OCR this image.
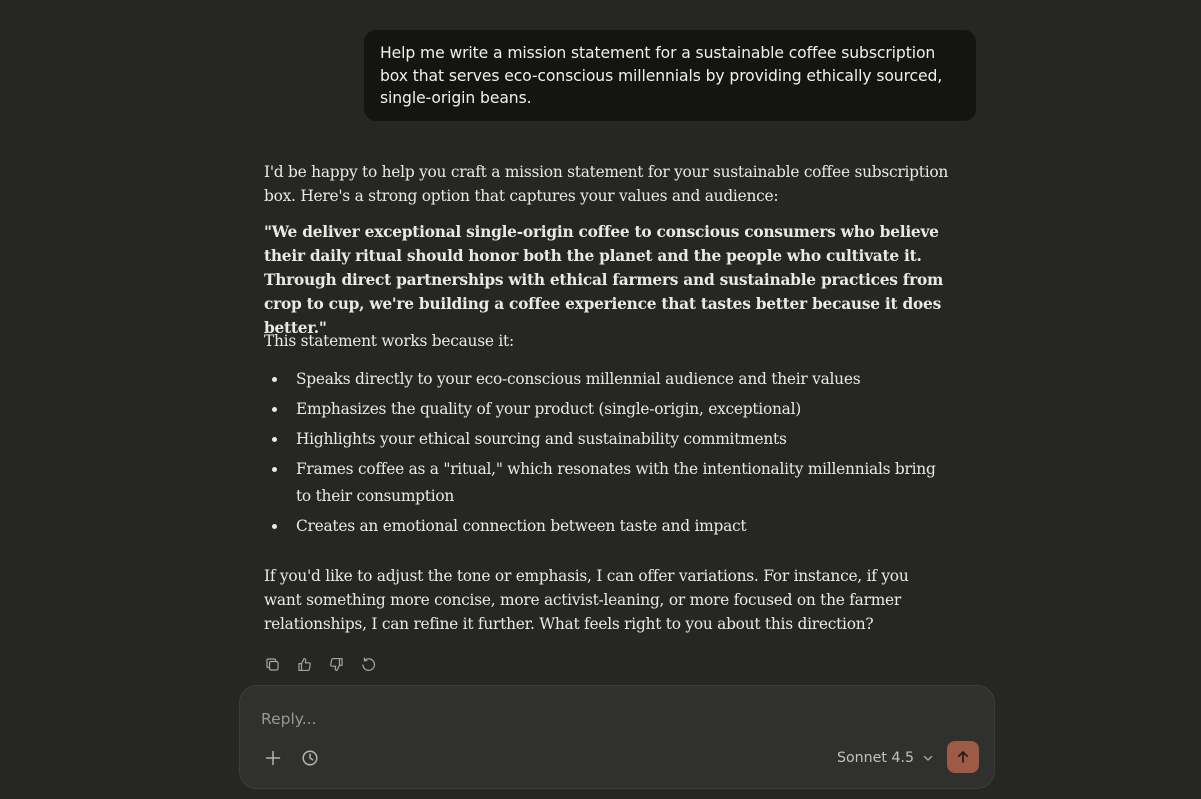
Help me write a mission statement for a sustainable coffee subscription box that serves eco-conscious millennials by providing ethically sourced, single-origin beans.

I'd be happy to help you craft a mission statement for your sustainable coffee subscription box. Here's a strong option that captures your values and audience:

"We deliver exceptional single-origin coffee to conscious consumers who believe their daily ritual should honor both the planet and the people who cultivate it. Through direct partnerships with ethical farmers and sustainable practices from crop to cup, we're building a coffee experience that tastes better because it does better."

This statement works because it:

Speaks directly to your eco-conscious millennial audience and their values
Emphasizes the quality of your product (single-origin, exceptional)
Highlights your ethical sourcing and sustainability commitments
Frames coffee as a "ritual," which resonates with the intentionality millennials bring to their consumption
Creates an emotional connection between taste and impact

If you'd like to adjust the tone or emphasis, I can offer variations. For instance, if you want something more concise, more activist-leaning, or more focused on the farmer relationships, I can refine it further. What feels right to you about this direction?

Reply...
Sonnet 4.5
